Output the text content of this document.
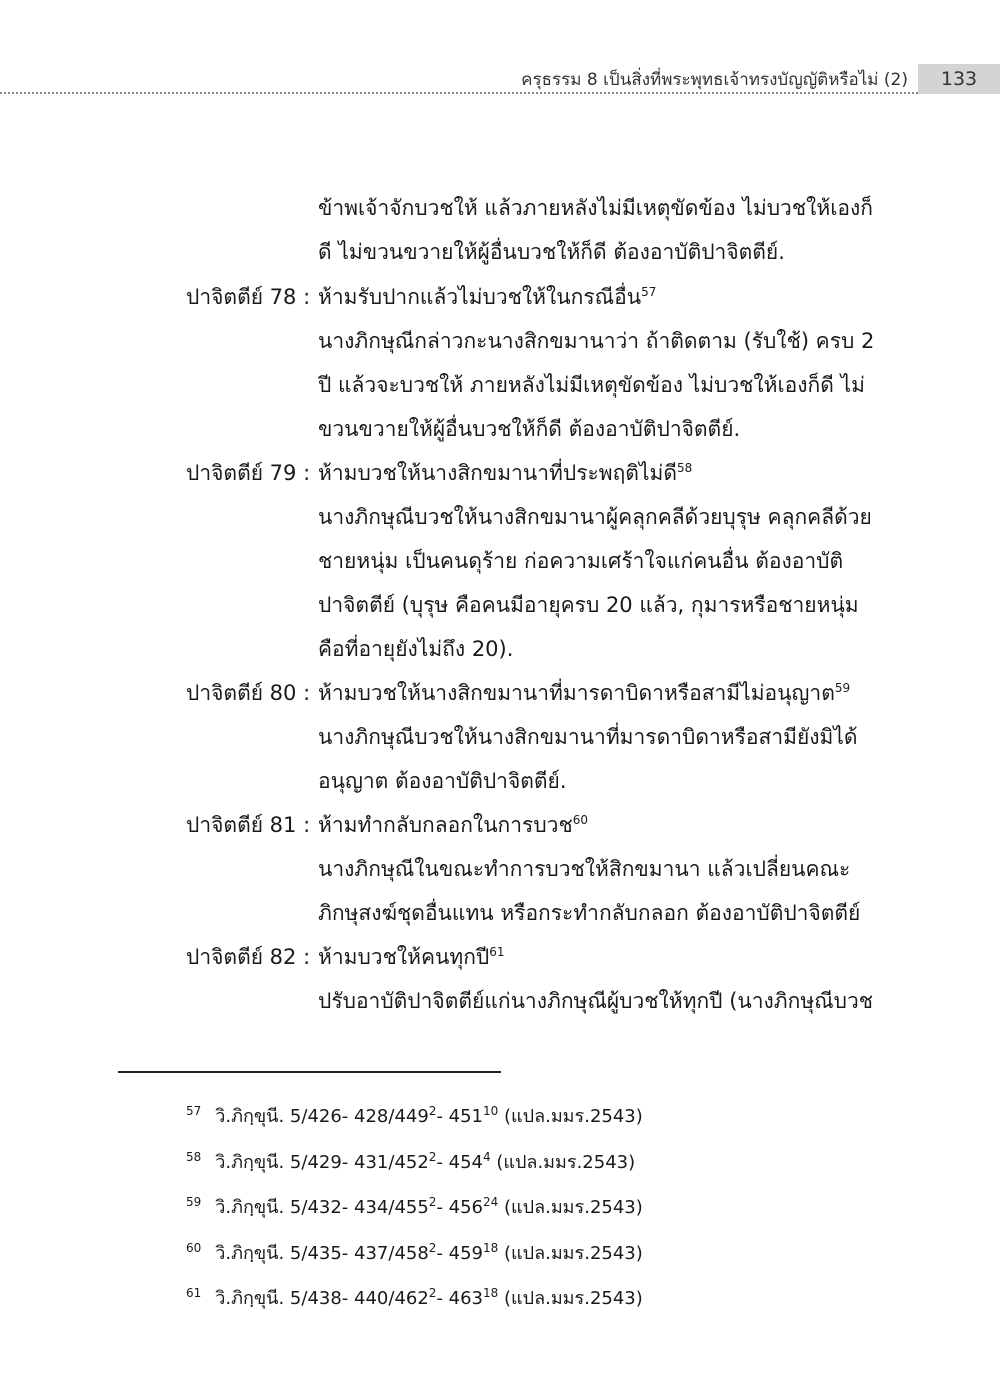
ครุธรรม 8 เป็นสิ่งที่พระพุทธเจ้าทรงบัญญัติหรือไม่ (2)	133
ข้าพเจ้าจักบวชให้ แล้วภายหลังไม่มีเหตุขัดข้อง ไม่บวชให้เองก็
ดี ไม่ขวนขวายให้ผู้อื่นบวชให้ก็ดี ต้องอาบัติปาจิตตีย์.
ปาจิตตีย์ 78 : ห้ามรับปากแล้วไม่บวชให้ในกรณีอื่น$^{57}$
นางภิกษุณีกล่าวกะนางสิกขมานาว่า ถ้าติดตาม (รับใช้) ครบ 2
ปี แล้วจะบวชให้ ภายหลังไม่มีเหตุขัดข้อง ไม่บวชให้เองก็ดี ไม่
ขวนขวายให้ผู้อื่นบวชให้ก็ดี ต้องอาบัติปาจิตตีย์.
ปาจิตตีย์ 79 : ห้ามบวชให้นางสิกขมานาที่ประพฤติไม่ดี$^{58}$
นางภิกษุณีบวชให้นางสิกขมานาผู้คลุกคลีด้วยบุรุษ คลุกคลีด้วย
ชายหนุ่ม เป็นคนดุร้าย ก่อความเศร้าใจแก่คนอื่น ต้องอาบัติ
ปาจิตตีย์ (บุรุษ คือคนมีอายุครบ 20 แล้ว, กุมารหรือชายหนุ่ม
คือที่อายุยังไม่ถึง 20).
ปาจิตตีย์ 80 : ห้ามบวชให้นางสิกขมานาที่มารดาบิดาหรือสามีไม่อนุญาต$^{59}$
นางภิกษุณีบวชให้นางสิกขมานาที่มารดาบิดาหรือสามียังมิได้
อนุญาต ต้องอาบัติปาจิตตีย์.
ปาจิตตีย์ 81 : ห้ามทำกลับกลอกในการบวช$^{60}$
นางภิกษุณีในขณะทำการบวชให้สิกขมานา แล้วเปลี่ยนคณะ
ภิกษุสงฆ์ชุดอื่นแทน หรือกระทำกลับกลอก ต้องอาบัติปาจิตตีย์
ปาจิตตีย์ 82 : ห้ามบวชให้คนทุกปี$^{61}$
ปรับอาบัติปาจิตตีย์แก่นางภิกษุณีผู้บวชให้ทุกปี (นางภิกษุณีบวช
$^{57}$ วิ.ภิกฺขุนี. 5/426- $428/449^2-$ $451^{10}$ (แปล.มมร.2543)
$^{58}$ วิ.ภิกฺขุนี. 5/429- $431/452^2-$ $454^4$ (แปล.มมร.2543)
$^{59}$ วิ.ภิกฺขุนี. 5/432- $434/455^2-$ $456^{24}$ (แปล.มมร.2543)
$^{60}$ วิ.ภิกฺขุนี. 5/435- $437/458^2-$ $459^{18}$ (แปล.มมร.2543)
$^{61}$ วิ.ภิกฺขุนี. 5/438- $440/462^2-$ $463^{18}$ (แปล.มมร.2543)
